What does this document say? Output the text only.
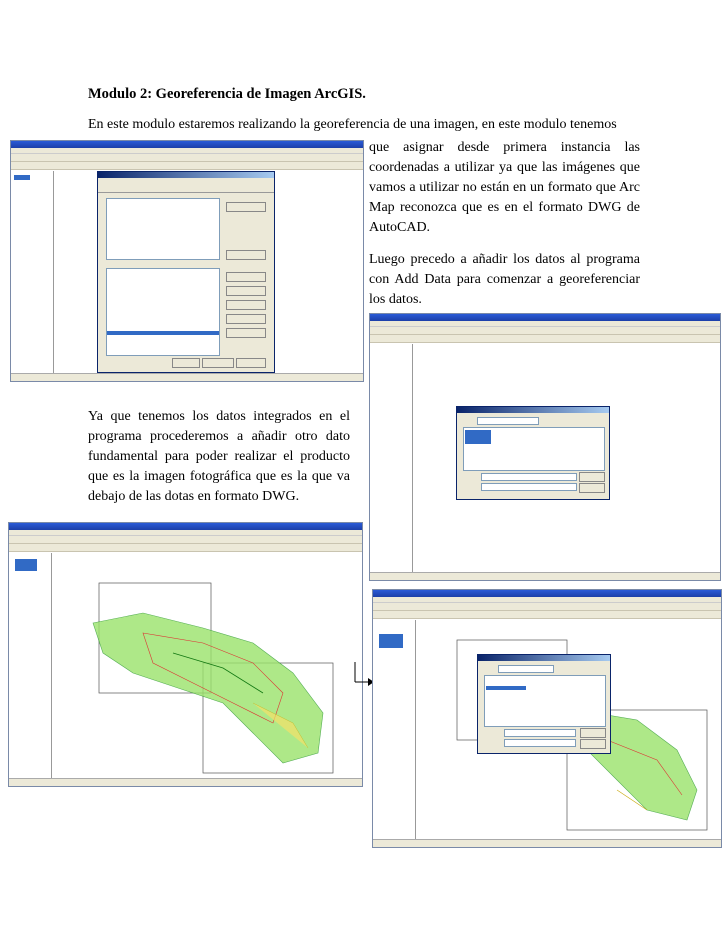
Modulo 2: Georeferencia de Imagen ArcGIS.
En este modulo estaremos realizando la georeferencia de una imagen, en este modulo tenemos

que asignar desde primera instancia las coordenadas a utilizar ya que las imágenes que vamos a utilizar no están en un formato que Arc Map reconozca que es en el formato DWG de AutoCAD.

Luego precedo a añadir los datos al programa con Add Data para comenzar a georeferenciar los datos.

Ya que tenemos los datos integrados en el programa procederemos a añadir otro dato fundamental para poder realizar el producto que es la imagen fotográfica que es la que va debajo de las dotas en formato DWG.
